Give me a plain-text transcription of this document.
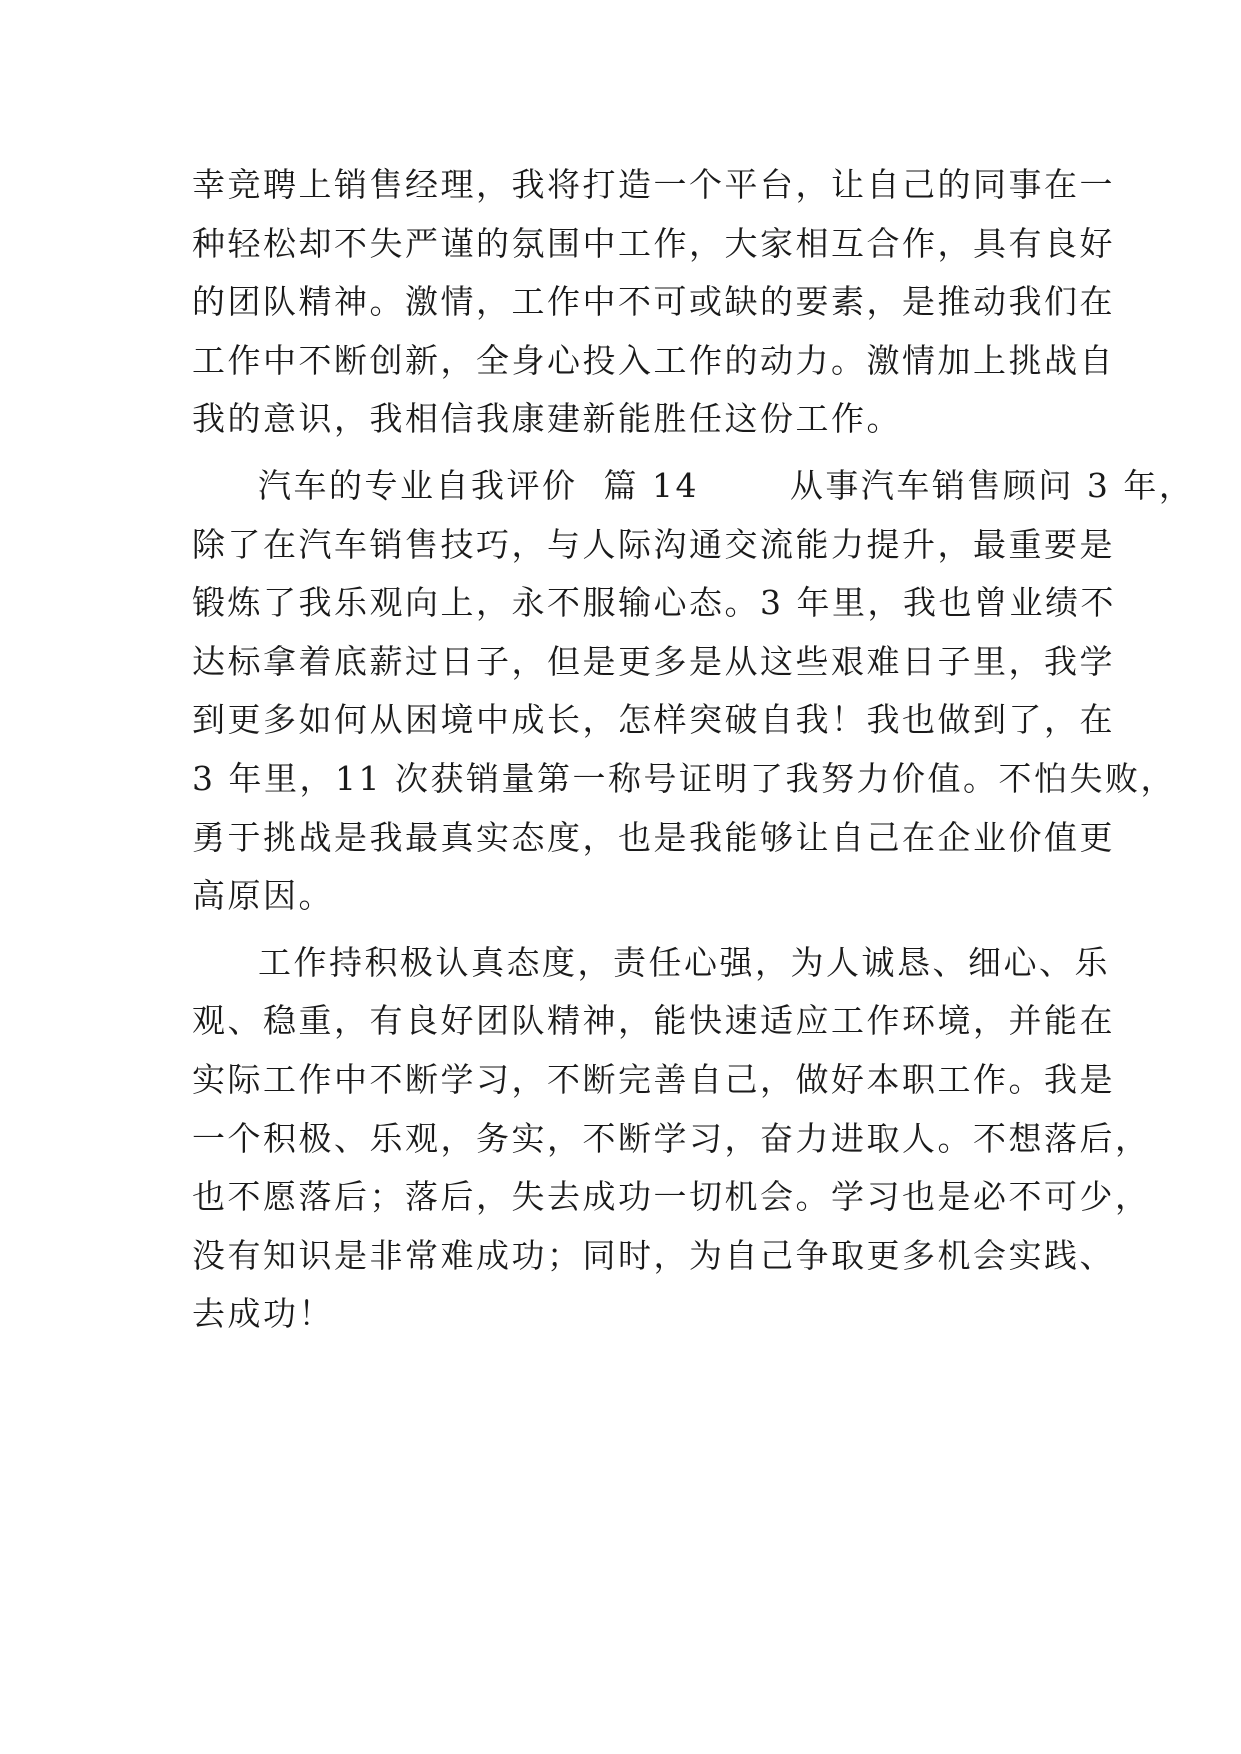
幸竞聘上销售经理，我将打造一个平台，让自己的同事在一
种轻松却不失严谨的氛围中工作，大家相互合作，具有良好
的团队精神。激情，工作中不可或缺的要素，是推动我们在
工作中不断创新，全身心投入工作的动力。激情加上挑战自
我的意识，我相信我康建新能胜任这份工作。
汽车的专业自我评价  篇 14       从事汽车销售顾问 3 年，
除了在汽车销售技巧，与人际沟通交流能力提升，最重要是
锻炼了我乐观向上，永不服输心态。3 年里，我也曾业绩不
达标拿着底薪过日子，但是更多是从这些艰难日子里，我学
到更多如何从困境中成长，怎样突破自我！我也做到了，在
3 年里，11 次获销量第一称号证明了我努力价值。不怕失败，
勇于挑战是我最真实态度，也是我能够让自己在企业价值更
高原因。
工作持积极认真态度，责任心强，为人诚恳、细心、乐
观、稳重，有良好团队精神，能快速适应工作环境，并能在
实际工作中不断学习，不断完善自己，做好本职工作。我是
一个积极、乐观，务实，不断学习，奋力进取人。不想落后，
也不愿落后；落后，失去成功一切机会。学习也是必不可少，
没有知识是非常难成功；同时，为自己争取更多机会实践、
去成功！
